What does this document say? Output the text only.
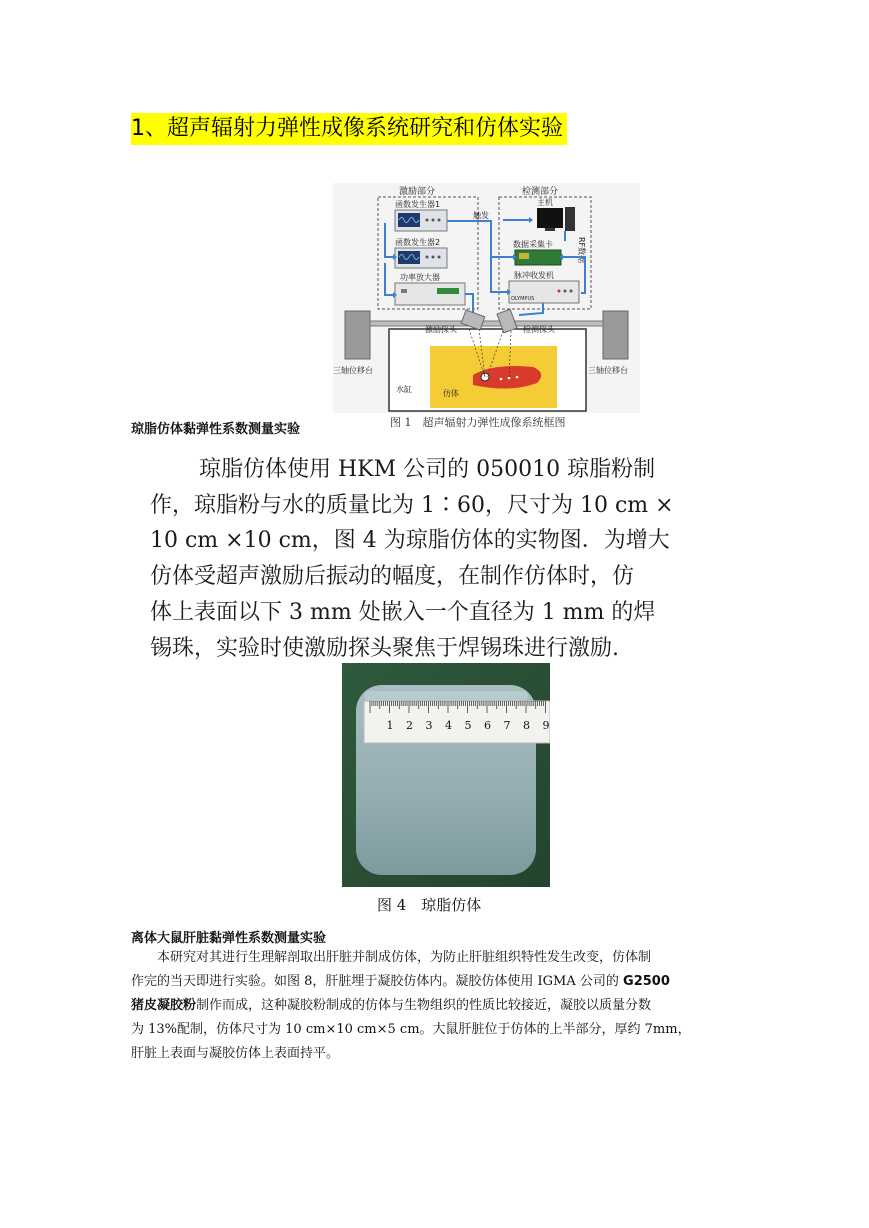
1、超声辐射力弹性成像系统研究和仿体实验
激励部分	检测部分
函数发生器1
函数发生器2
功率放大器
主机
数据采集卡	RF数据
脉冲收发机
OLYMPUS
触发
三轴位移台	三轴位移台
水缸	仿体
激励探头	检测探头
琼脂仿体黏弹性系数测量实验	图 1　超声辐射力弹性成像系统框图
琼脂仿体使用 HKM 公司的 050010 琼脂粉制
作，琼脂粉与水的质量比为 1∶60，尺寸为 10 cm ×
10 cm ×10 cm，图 4 为琼脂仿体的实物图．为增大
仿体受超声激励后振动的幅度，在制作仿体时，仿
体上表面以下 3 mm 处嵌入一个直径为 1 mm 的焊
锡珠，实验时使激励探头聚焦于焊锡珠进行激励.
1 2 3 4 5 6 7 8 9
图 4　琼脂仿体
离体大鼠肝脏黏弹性系数测量实验
本研究对其进行生理解剖取出肝脏并制成仿体，为防止肝脏组织特性发生改变，仿体制
作完的当天即进行实验。如图 8，肝脏埋于凝胶仿体内。凝胶仿体使用 IGMA 公司的 G2500
猪皮凝胶粉制作而成，这种凝胶粉制成的仿体与生物组织的性质比较接近，凝胶以质量分数
为 13%配制，仿体尺寸为 10 cm×10 cm×5 cm。大鼠肝脏位于仿体的上半部分，厚约 7mm，
肝脏上表面与凝胶仿体上表面持平。
